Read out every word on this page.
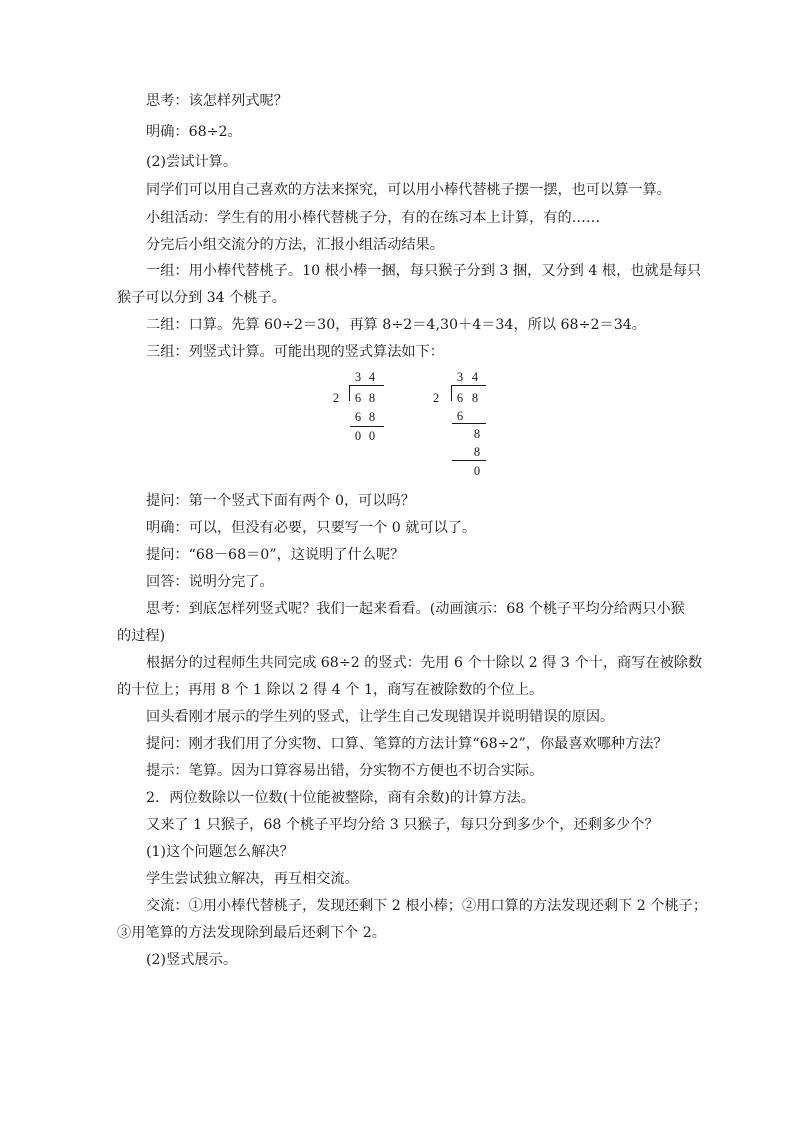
思考：该怎样列式呢？
明确：68÷2。
(2)尝试计算。
同学们可以用自己喜欢的方法来探究，可以用小棒代替桃子摆一摆，也可以算一算。
小组活动：学生有的用小棒代替桃子分，有的在练习本上计算，有的……
分完后小组交流分的方法，汇报小组活动结果。
一组：用小棒代替桃子。10 根小棒一捆，每只猴子分到 3 捆，又分到 4 根，也就是每只
猴子可以分到 34 个桃子。
二组：口算。先算 60÷2＝30，再算 8÷2＝4,30＋4＝34，所以 68÷2＝34。
三组：列竖式计算。可能出现的竖式算法如下：
3 4
2 6 8
6 8
0 0
3 4
2 6 8
6
8
8
0
提问：第一个竖式下面有两个 0，可以吗？
明确：可以，但没有必要，只要写一个 0 就可以了。
提问：“68－68＝0”，这说明了什么呢？
回答：说明分完了。
思考：到底怎样列竖式呢？我们一起来看看。(动画演示：68 个桃子平均分给两只小猴
的过程)
根据分的过程师生共同完成 68÷2 的竖式：先用 6 个十除以 2 得 3 个十，商写在被除数
的十位上；再用 8 个 1 除以 2 得 4 个 1，商写在被除数的个位上。
回头看刚才展示的学生列的竖式，让学生自己发现错误并说明错误的原因。
提问：刚才我们用了分实物、口算、笔算的方法计算“68÷2”，你最喜欢哪种方法？
提示：笔算。因为口算容易出错，分实物不方便也不切合实际。
2．两位数除以一位数(十位能被整除，商有余数)的计算方法。
又来了 1 只猴子，68 个桃子平均分给 3 只猴子，每只分到多少个，还剩多少个？
(1)这个问题怎么解决？
学生尝试独立解决，再互相交流。
交流：①用小棒代替桃子，发现还剩下 2 根小棒；②用口算的方法发现还剩下 2 个桃子；
③用笔算的方法发现除到最后还剩下个 2。
(2)竖式展示。
